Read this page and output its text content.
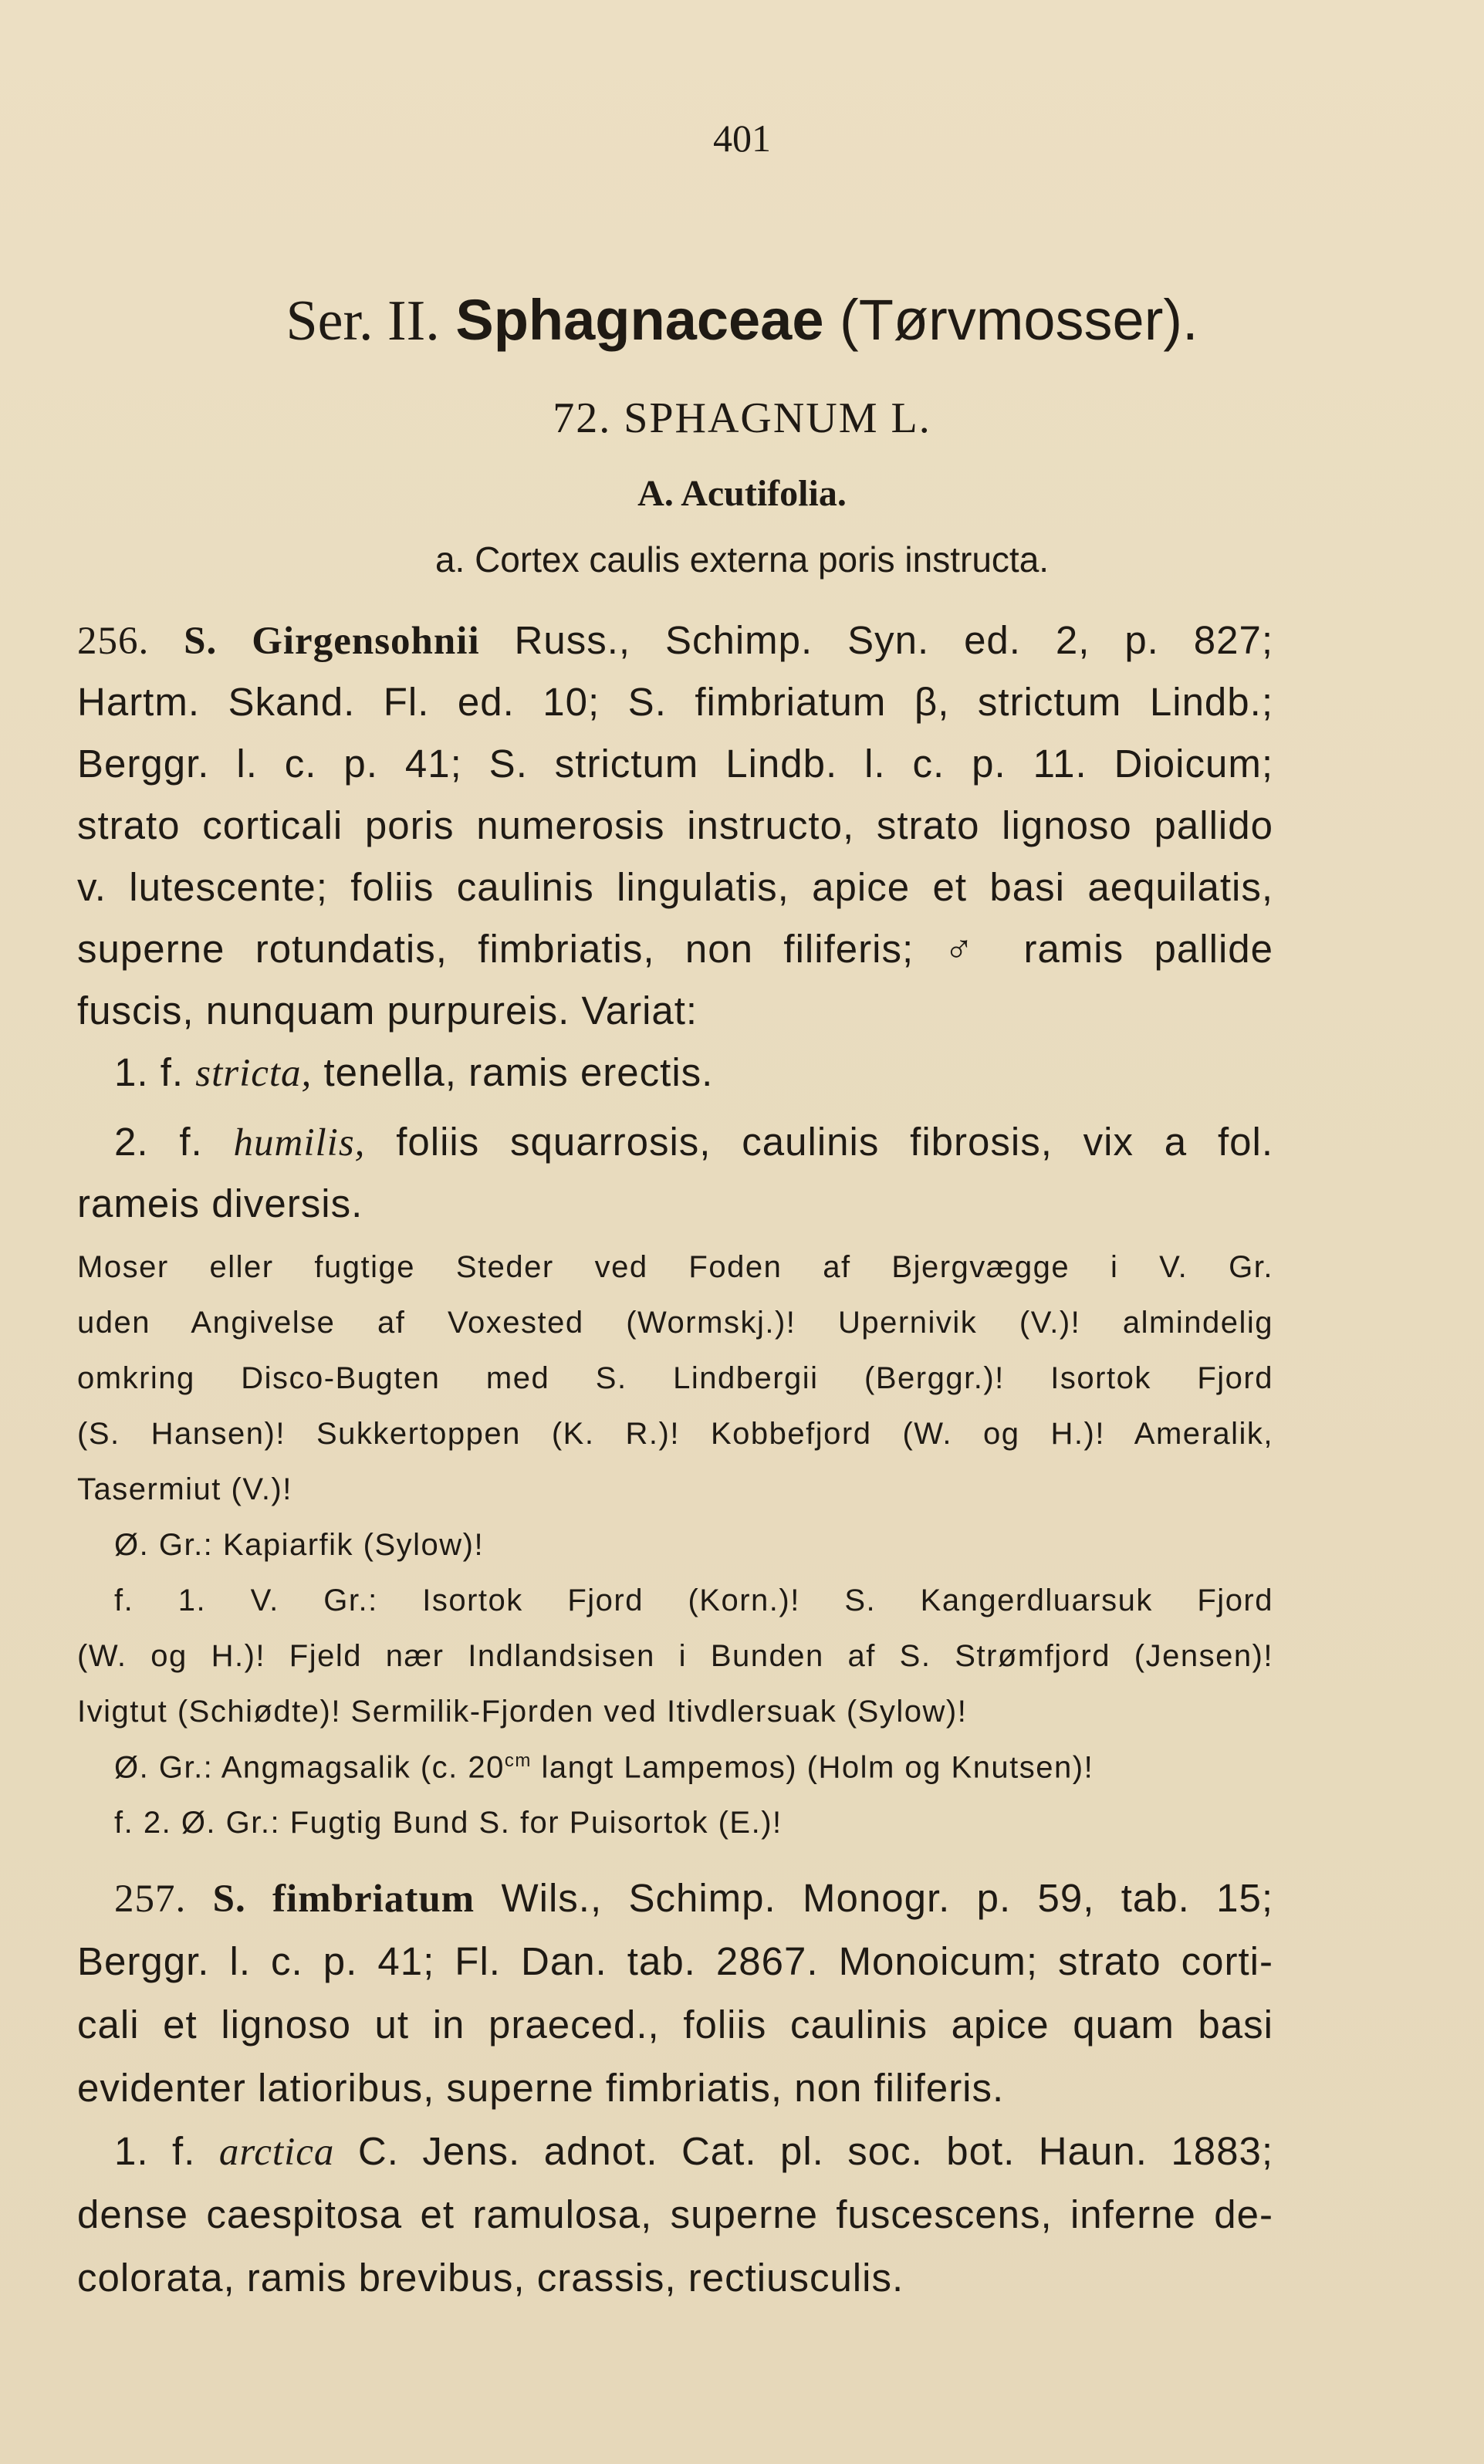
401
Ser. II. Sphagnaceae (Tørvmosser).
72. SPHAGNUM L.
A. Acutifolia.
a. Cortex caulis externa poris instructa.
256. S. Girgensohnii Russ., Schimp. Syn. ed. 2, p. 827;
Hartm. Skand. Fl. ed. 10; S. fimbriatum β, strictum Lindb.;
Berggr. l. c. p. 41; S. strictum Lindb. l. c. p. 11. Dioicum;
strato corticali poris numerosis instructo, strato lignoso pallido
v. lutescente; foliis caulinis lingulatis, apice et basi aequilatis,
superne rotundatis, fimbriatis, non filiferis; ♂ ramis pallide
fuscis, nunquam purpureis. Variat:
1. f. stricta, tenella, ramis erectis.
2. f. humilis, foliis squarrosis, caulinis fibrosis, vix a fol.
rameis diversis.
Moser eller fugtige Steder ved Foden af Bjergvægge i V. Gr.
uden Angivelse af Voxested (Wormskj.)! Upernivik (V.)! almindelig
omkring Disco-Bugten med S. Lindbergii (Berggr.)! Isortok Fjord
(S. Hansen)! Sukkertoppen (K. R.)! Kobbefjord (W. og H.)! Ameralik,
Tasermiut (V.)!
Ø. Gr.: Kapiarfik (Sylow)!
f. 1. V. Gr.: Isortok Fjord (Korn.)! S. Kangerdluarsuk Fjord
(W. og H.)! Fjeld nær Indlandsisen i Bunden af S. Strømfjord (Jensen)!
Ivigtut (Schiødte)! Sermilik-Fjorden ved Itivdlersuak (Sylow)!
Ø. Gr.: Angmagsalik (c. $20^{cm}$ langt Lampemos) (Holm og Knutsen)!
f. 2. Ø. Gr.: Fugtig Bund S. for Puisortok (E.)!
257. S. fimbriatum Wils., Schimp. Monogr. p. 59, tab. 15;
Berggr. l. c. p. 41; Fl. Dan. tab. 2867. Monoicum; strato corti-
cali et lignoso ut in praeced., foliis caulinis apice quam basi
evidenter latioribus, superne fimbriatis, non filiferis.
1. f. arctica C. Jens. adnot. Cat. pl. soc. bot. Haun. 1883;
dense caespitosa et ramulosa, superne fuscescens, inferne de-
colorata, ramis brevibus, crassis, rectiusculis.
